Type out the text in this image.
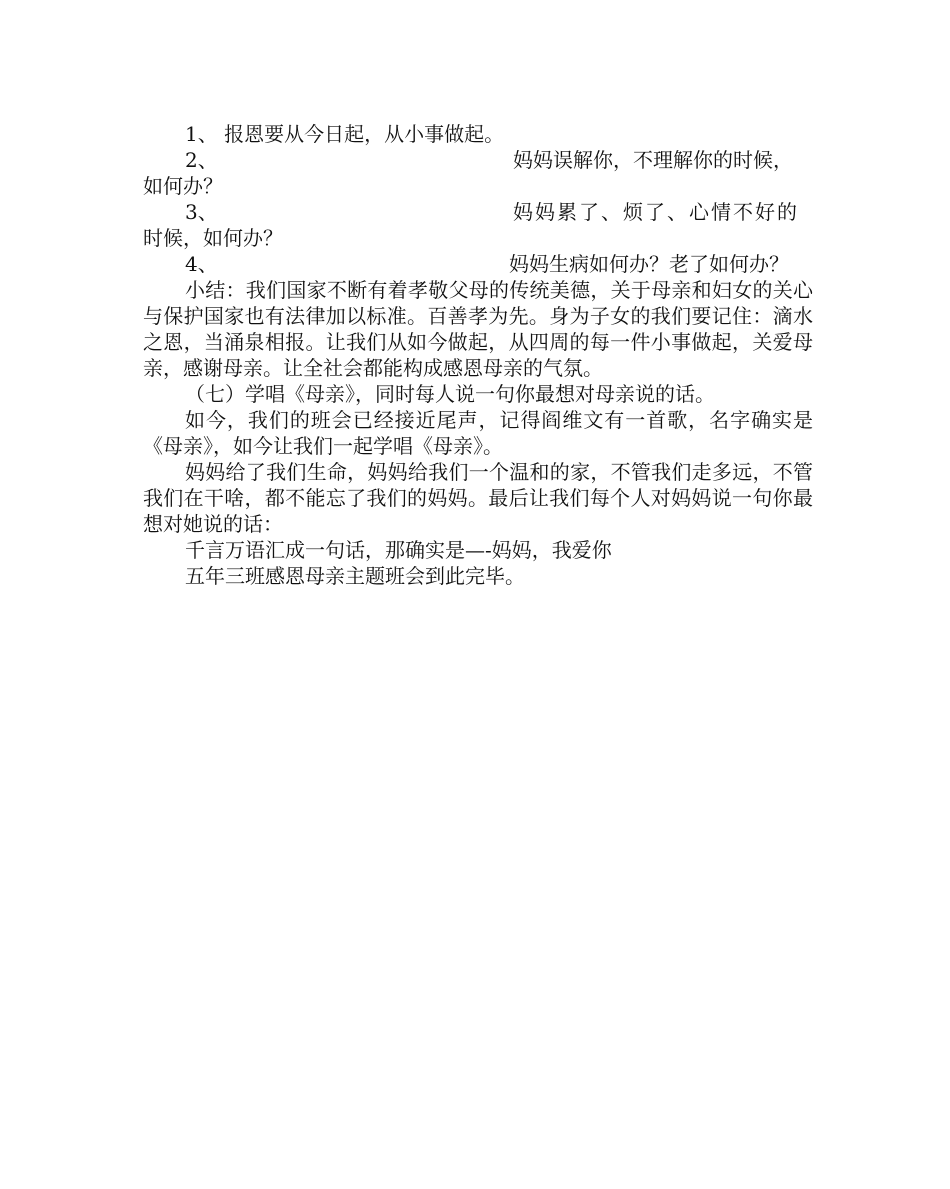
1、 报恩要从今日起，从小事做起。

2、	妈妈误解你，不理解你的时候，
如何办？
3、	妈妈累了、烦了、心情不好的
时候，如何办？
4、	妈妈生病如何办？老了如何办？

小结：我们国家不断有着孝敬父母的传统美德，关于母亲和妇女的关心与保护国家也有法律加以标准。百善孝为先。身为子女的我们要记住：滴水之恩，当涌泉相报。让我们从如今做起，从四周的每一件小事做起，关爱母亲，感谢母亲。让全社会都能构成感恩母亲的气氛。

（七）学唱《母亲》，同时每人说一句你最想对母亲说的话。

如今，我们的班会已经接近尾声，记得阎维文有一首歌，名字确实是《母亲》，如今让我们一起学唱《母亲》。

妈妈给了我们生命，妈妈给我们一个温和的家，不管我们走多远，不管我们在干啥，都不能忘了我们的妈妈。最后让我们每个人对妈妈说一句你最想对她说的话：

千言万语汇成一句话，那确实是—-妈妈，我爱你

五年三班感恩母亲主题班会到此完毕。
